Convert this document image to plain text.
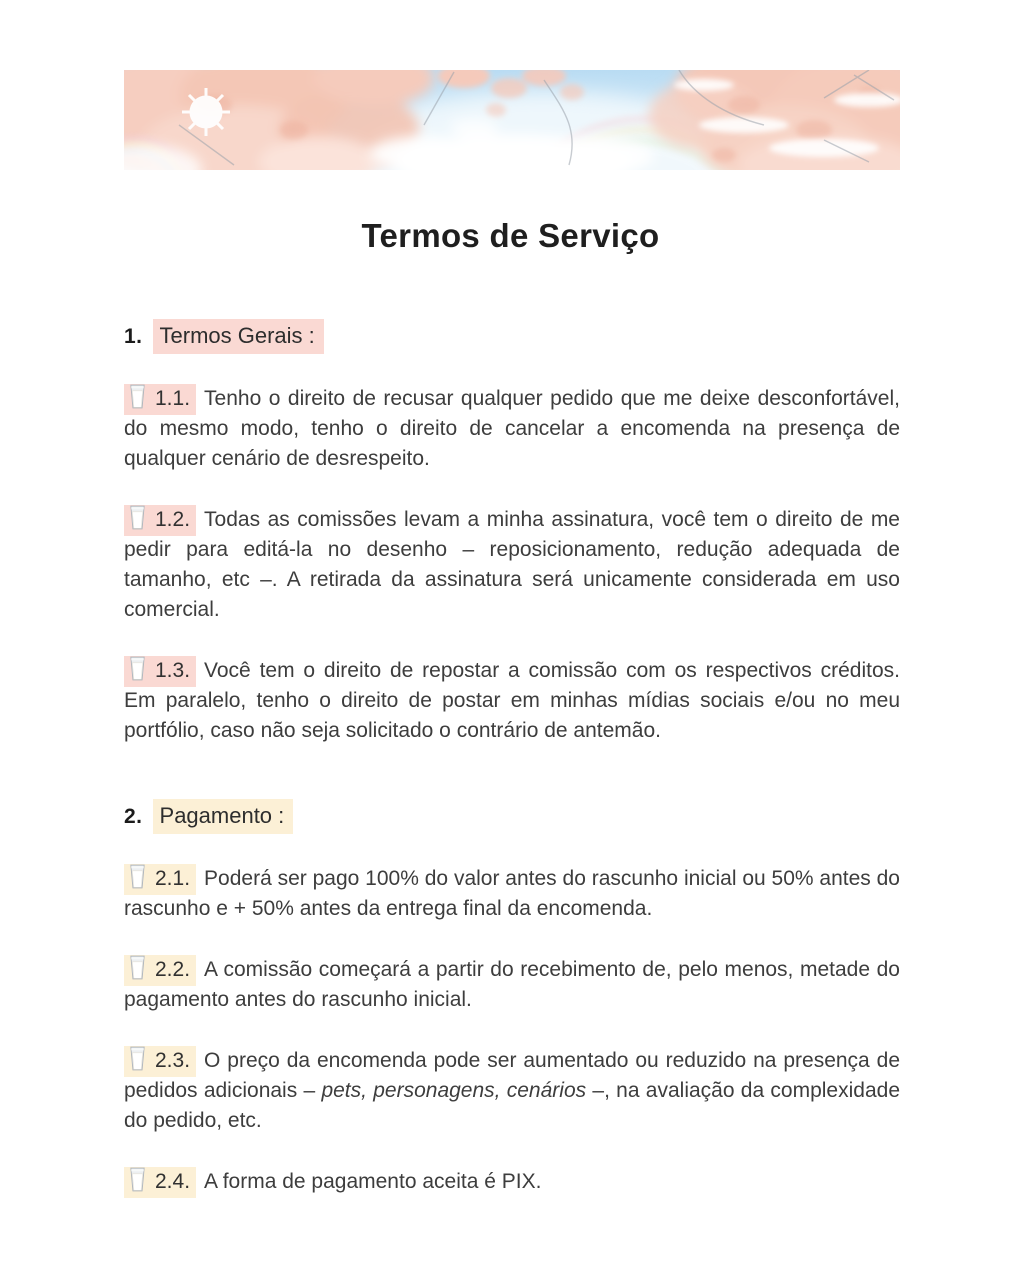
Termos de Serviço
1. Termos Gerais :

1.1. Tenho o direito de recusar qualquer pedido que me deixe desconfortável, do mesmo modo, tenho o direito de cancelar a encomenda na presença de qualquer cenário de desrespeito.

1.2. Todas as comissões levam a minha assinatura, você tem o direito de me pedir para editá-la no desenho – reposicionamento, redução adequada de tamanho, etc –. A retirada da assinatura será unicamente considerada em uso comercial.

1.3. Você tem o direito de repostar a comissão com os respectivos créditos. Em paralelo, tenho o direito de postar em minhas mídias sociais e/ou no meu portfólio, caso não seja solicitado o contrário de antemão.

2. Pagamento :

2.1. Poderá ser pago 100% do valor antes do rascunho inicial ou 50% antes do rascunho e + 50% antes da entrega final da encomenda.

2.2. A comissão começará a partir do recebimento de, pelo menos, metade do pagamento antes do rascunho inicial.

2.3. O preço da encomenda pode ser aumentado ou reduzido na presença de pedidos adicionais – pets, personagens, cenários –, na avaliação da complexidade do pedido, etc.

2.4. A forma de pagamento aceita é PIX.
